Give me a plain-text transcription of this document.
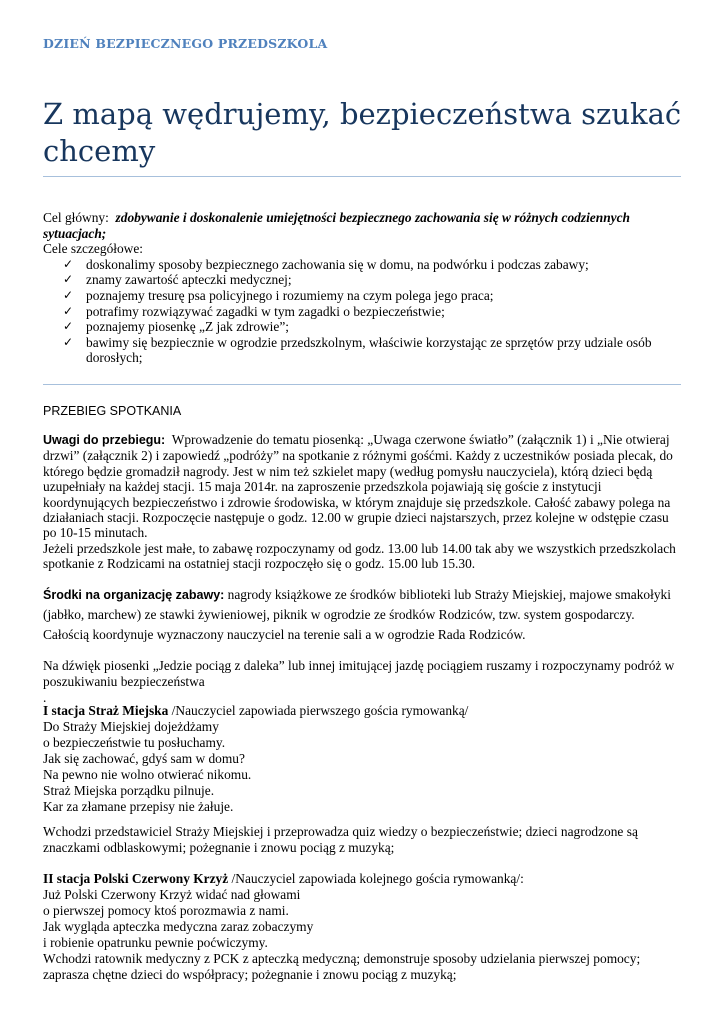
DZIEŃ BEZPIECZNEGO PRZEDSZKOLA
Z mapą wędrujemy, bezpieczeństwa szukać chcemy

Cel główny: zdobywanie i doskonalenie umiejętności bezpiecznego zachowania się w różnych codziennych sytuacjach;

Cele szczegółowe:

✓ doskonalimy sposoby bezpiecznego zachowania się w domu, na podwórku i podczas zabawy;
✓ znamy zawartość apteczki medycznej;
✓ poznajemy tresurę psa policyjnego i rozumiemy na czym polega jego praca;
✓ potrafimy rozwiązywać zagadki w tym zagadki o bezpieczeństwie;
✓ poznajemy piosenkę „Z jak zdrowie”;
✓ bawimy się bezpiecznie w ogrodzie przedszkolnym, właściwie korzystając ze sprzętów przy udziale osób dorosłych;
PRZEBIEG SPOTKANIA

Uwagi do przebiegu: Wprowadzenie do tematu piosenką: „Uwaga czerwone światło” (załącznik 1) i „Nie otwieraj drzwi” (załącznik 2) i zapowiedź „podróży” na spotkanie z różnymi gośćmi. Każdy z uczestników posiada plecak, do którego będzie gromadził nagrody. Jest w nim też szkielet mapy (według pomysłu nauczyciela), którą dzieci będą uzupełniały na każdej stacji. 15 maja 2014r. na zaproszenie przedszkola pojawiają się goście z instytucji koordynujących bezpieczeństwo i zdrowie środowiska, w którym znajduje się przedszkole. Całość zabawy polega na działaniach stacji. Rozpoczęcie następuje o godz. 12.00 w grupie dzieci najstarszych, przez kolejne w odstępie czasu po 10-15 minutach.

Jeżeli przedszkole jest małe, to zabawę rozpoczynamy od godz. 13.00 lub 14.00 tak aby we wszystkich przedszkolach spotkanie z Rodzicami na ostatniej stacji rozpoczęło się o godz. 15.00 lub 15.30.

Środki na organizację zabawy: nagrody książkowe ze środków biblioteki lub Straży Miejskiej, majowe smakołyki (jabłko, marchew) ze stawki żywieniowej, piknik w ogrodzie ze środków Rodziców, tzw. system gospodarczy.

Całością koordynuje wyznaczony nauczyciel na terenie sali a w ogrodzie Rada Rodziców.

Na dźwięk piosenki „Jedzie pociąg z daleka” lub innej imitującej jazdę pociągiem ruszamy i rozpoczynamy podróż w poszukiwaniu bezpieczeństwa

.

I stacja Straż Miejska /Nauczyciel zapowiada pierwszego gościa rymowanką/

Do Straży Miejskiej dojeżdżamy

o bezpieczeństwie tu posłuchamy.

Jak się zachować, gdyś sam w domu?

Na pewno nie wolno otwierać nikomu.

Straż Miejska porządku pilnuje.

Kar za złamane przepisy nie żałuje.

Wchodzi przedstawiciel Straży Miejskiej i przeprowadza quiz wiedzy o bezpieczeństwie; dzieci nagrodzone są znaczkami odblaskowymi; pożegnanie i znowu pociąg z muzyką;

II stacja Polski Czerwony Krzyż /Nauczyciel zapowiada kolejnego gościa rymowanką/:

Już Polski Czerwony Krzyż widać nad głowami

o pierwszej pomocy ktoś porozmawia z nami.

Jak wygląda apteczka medyczna zaraz zobaczymy

i robienie opatrunku pewnie poćwiczymy.

Wchodzi ratownik medyczny z PCK z apteczką medyczną; demonstruje sposoby udzielania pierwszej pomocy; zaprasza chętne dzieci do współpracy; pożegnanie i znowu pociąg z muzyką;
